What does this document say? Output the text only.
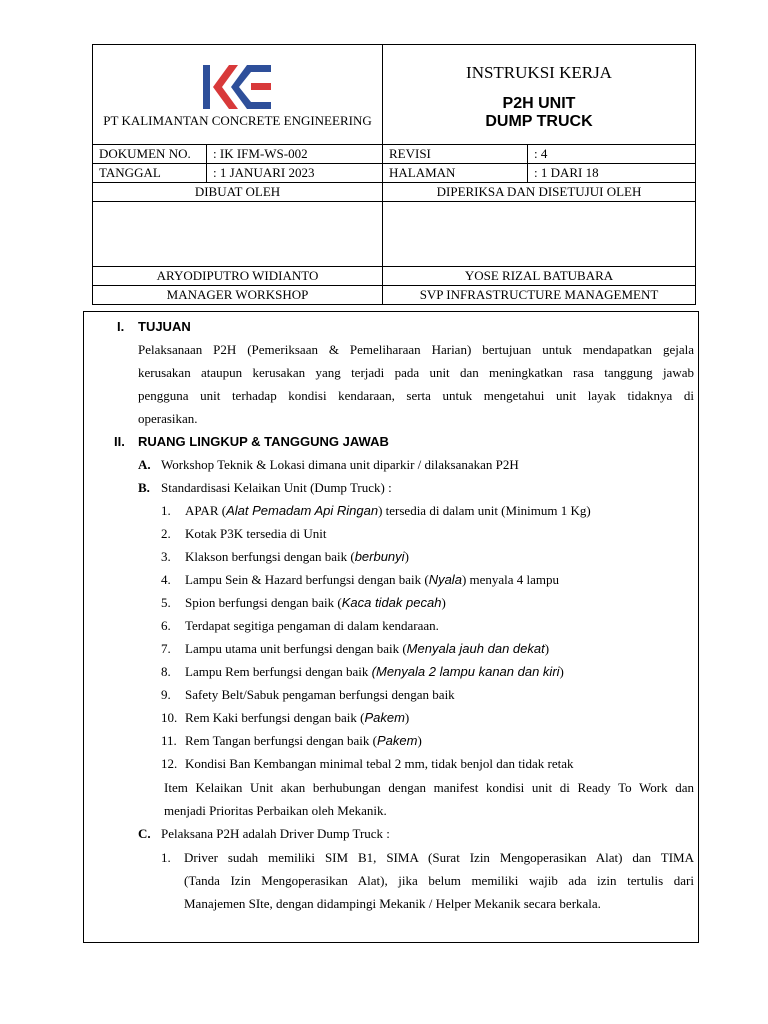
PT KALIMANTAN CONCRETE ENGINEERING		INSTRUKSI KERJA
P2H UNIT
DUMP TRUCK	

DOKUMEN NO.	: IK IFM-WS-002	REVISI	: 4
TANGGAL	: 1 JANUARI 2023	HALAMAN	: 1 DARI 18
DIBUAT OLEH		DIPERIKSA DAN DISETUJUI OLEH	

ARYODIPUTRO WIDIANTO		YOSE RIZAL BATUBARA	
MANAGER WORKSHOP		SVP INFRASTRUCTURE MANAGEMENT	
I. TUJUAN
Pelaksanaan P2H (Pemeriksaan & Pemeliharaan Harian) bertujuan untuk mendapatkan gejala
kerusakan ataupun kerusakan yang terjadi pada unit dan meningkatkan rasa tanggung jawab
pengguna unit terhadap kondisi kendaraan, serta untuk mengetahui unit layak tidaknya di
operasikan.
II. RUANG LINGKUP & TANGGUNG JAWAB
A. Workshop Teknik & Lokasi dimana unit diparkir / dilaksanakan P2H
B. Standardisasi Kelaikan Unit (Dump Truck) :
1. APAR (Alat Pemadam Api Ringan) tersedia di dalam unit (Minimum 1 Kg)
2. Kotak P3K tersedia di Unit
3. Klakson berfungsi dengan baik (berbunyi)
4. Lampu Sein & Hazard berfungsi dengan baik (Nyala) menyala 4 lampu
5. Spion berfungsi dengan baik (Kaca tidak pecah)
6. Terdapat segitiga pengaman di dalam kendaraan.
7. Lampu utama unit berfungsi dengan baik (Menyala jauh dan dekat)
8. Lampu Rem berfungsi dengan baik (Menyala 2 lampu kanan dan kiri)
9. Safety Belt/Sabuk pengaman berfungsi dengan baik
10. Rem Kaki berfungsi dengan baik (Pakem)
11. Rem Tangan berfungsi dengan baik (Pakem)
12. Kondisi Ban Kembangan minimal tebal 2 mm, tidak benjol dan tidak retak
Item Kelaikan Unit akan berhubungan dengan manifest kondisi unit di Ready To Work dan
menjadi Prioritas Perbaikan oleh Mekanik.
C. Pelaksana P2H adalah Driver Dump Truck :
1. Driver sudah memiliki SIM B1, SIMA (Surat Izin Mengoperasikan Alat) dan TIMA
(Tanda Izin Mengoperasikan Alat), jika belum memiliki wajib ada izin tertulis dari
Manajemen SIte, dengan didampingi Mekanik / Helper Mekanik secara berkala.
